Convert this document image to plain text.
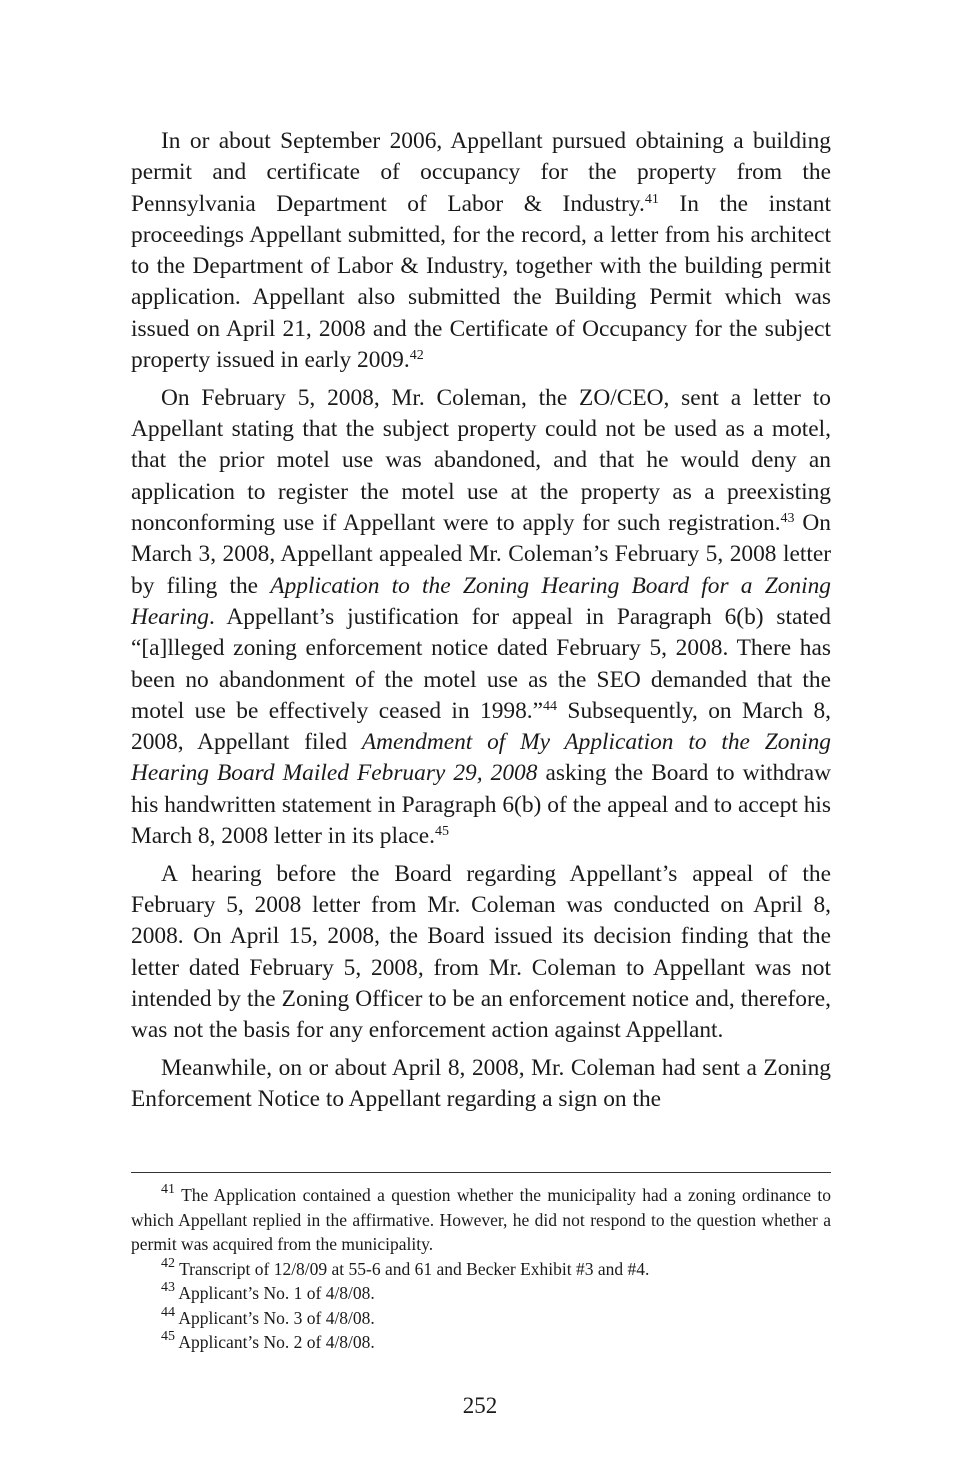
In or about September 2006, Appellant pursued obtaining a building permit and certificate of occupancy for the property from the Pennsylvania Department of Labor & Industry.$^{41}$ In the instant proceedings Appellant submitted, for the record, a letter from his architect to the Department of Labor & Industry, together with the building permit application. Appellant also submitted the Building Permit which was issued on April 21, 2008 and the Certificate of Occupancy for the subject property issued in early 2009.42

On February 5, 2008, Mr. Coleman, the ZO/CEO, sent a letter to Appellant stating that the subject property could not be used as a motel, that the prior motel use was abandoned, and that he would deny an application to register the motel use at the property as a preexisting nonconforming use if Appellant were to apply for such registration.$^{43}$ On March 3, 2008, Appellant appealed Mr. Coleman’s February 5, 2008 letter by filing the Application to the Zoning Hearing Board for a Zoning Hearing. Appellant’s justification for appeal in Paragraph 6(b) stated “[a]lleged zoning enforcement notice dated February 5, 2008. There has been no abandonment of the motel use as the SEO demanded that the motel use be effectively ceased in 1998.”$^{44}$ Subsequently, on March 8, 2008, Appellant filed Amendment of My Application to the Zoning Hearing Board Mailed February 29, 2008 asking the Board to withdraw his handwritten statement in Paragraph 6(b) of the appeal and to accept his March 8, 2008 letter in its place.$^{45}$

A hearing before the Board regarding Appellant’s appeal of the February 5, 2008 letter from Mr. Coleman was conducted on April 8, 2008. On April 15, 2008, the Board issued its decision finding that the letter dated February 5, 2008, from Mr. Coleman to Appellant was not intended by the Zoning Officer to be an enforcement notice and, therefore, was not the basis for any enforcement action against Appellant.

Meanwhile, on or about April 8, 2008, Mr. Coleman had sent a Zoning Enforcement Notice to Appellant regarding a sign on the

$^{41}$ The Application contained a question whether the municipality had a zoning ordinance to which Appellant replied in the affirmative. However, he did not respond to the question whether a permit was acquired from the municipality.

$^{42}$ Transcript of 12/8/09 at 55-6 and 61 and Becker Exhibit #3 and #4.

$^{43}$ Applicant’s No. 1 of 4/8/08.

$^{44}$ Applicant’s No. 3 of 4/8/08.

$^{45}$ Applicant’s No. 2 of 4/8/08.

252
